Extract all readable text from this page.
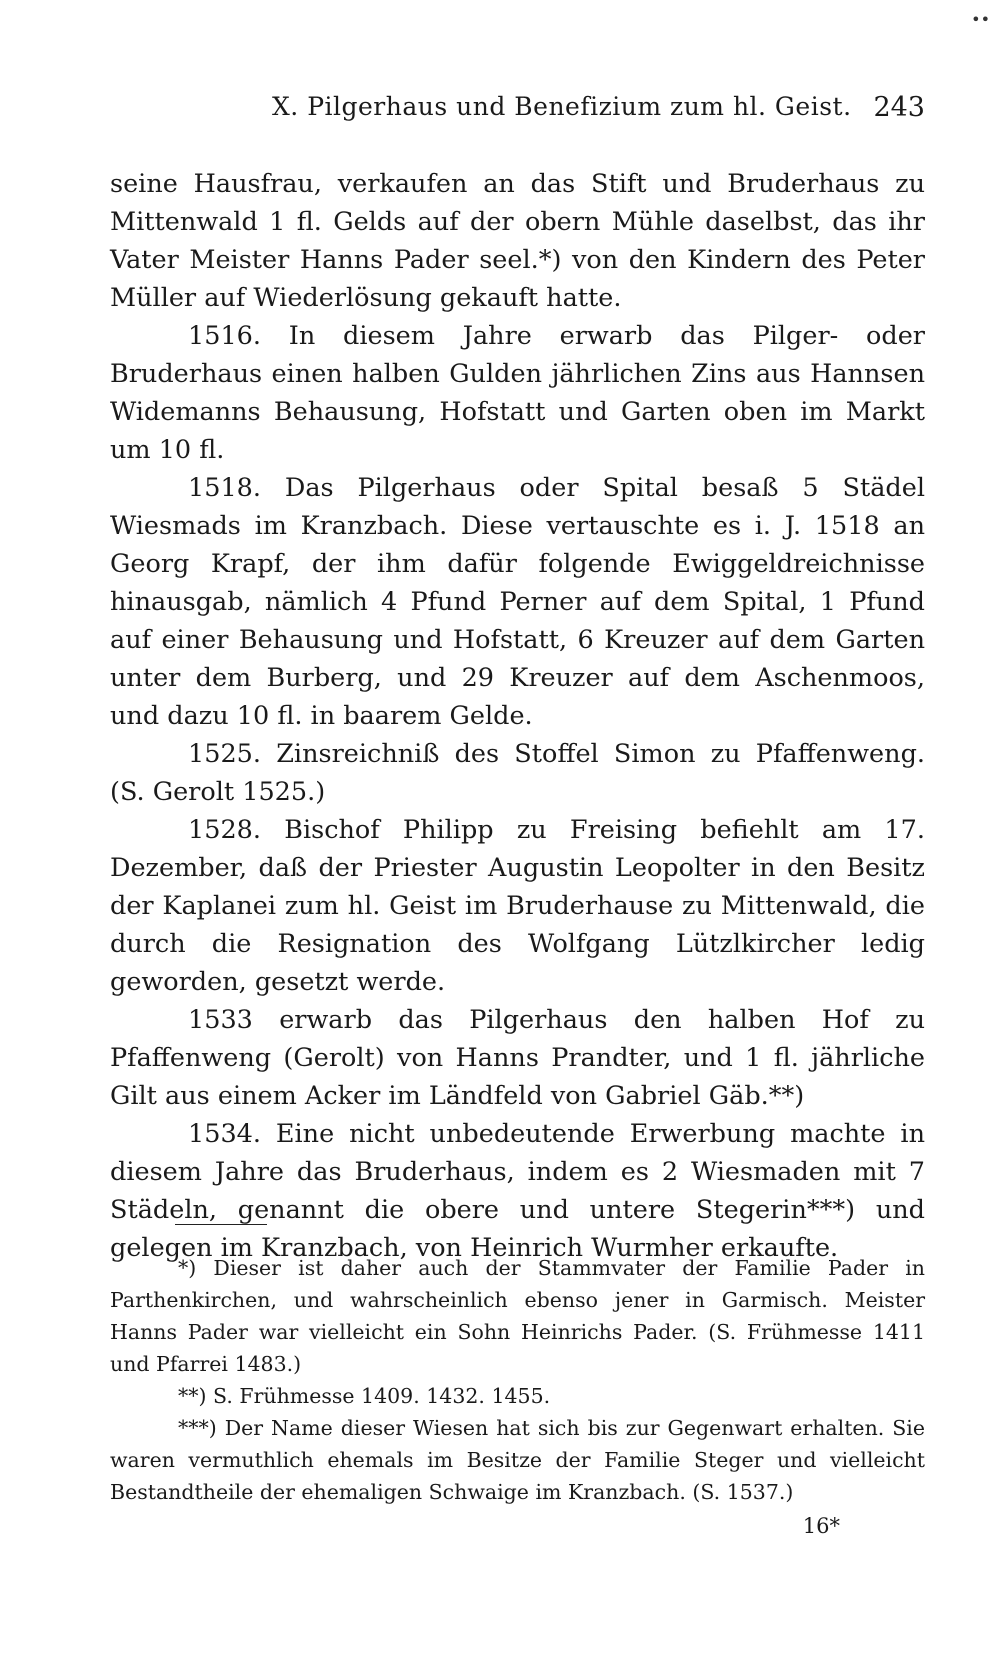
••
X. Pilgerhaus und Benefizium zum hl. Geist. 243

seine Hausfrau, verkaufen an das Stift und Bruderhaus zu Mittenwald 1 fl. Gelds auf der obern Mühle daselbst, das ihr Vater Meister Hanns Pader seel.*) von den Kindern des Peter Müller auf Wiederlösung gekauft hatte.

1516. In diesem Jahre erwarb das Pilger- oder Bruderhaus einen halben Gulden jährlichen Zins aus Hannsen Widemanns Behausung, Hofstatt und Garten oben im Markt um 10 fl.

1518. Das Pilgerhaus oder Spital besaß 5 Städel Wiesmads im Kranzbach. Diese vertauschte es i. J. 1518 an Georg Krapf, der ihm dafür folgende Ewiggeldreichnisse hinausgab, nämlich 4 Pfund Perner auf dem Spital, 1 Pfund auf einer Behausung und Hofstatt, 6 Kreuzer auf dem Garten unter dem Burberg, und 29 Kreuzer auf dem Aschenmoos, und dazu 10 fl. in baarem Gelde.

1525. Zinsreichniß des Stoffel Simon zu Pfaffenweng. (S. Gerolt 1525.)

1528. Bischof Philipp zu Freising befiehlt am 17. Dezember, daß der Priester Augustin Leopolter in den Besitz der Kaplanei zum hl. Geist im Bruderhause zu Mittenwald, die durch die Resignation des Wolfgang Lützlkircher ledig geworden, gesetzt werde.

1533 erwarb das Pilgerhaus den halben Hof zu Pfaffenweng (Gerolt) von Hanns Prandter, und 1 fl. jährliche Gilt aus einem Acker im Ländfeld von Gabriel Gäb.**)

1534. Eine nicht unbedeutende Erwerbung machte in diesem Jahre das Bruderhaus, indem es 2 Wiesmaden mit 7 Städeln, genannt die obere und untere Stegerin***) und gelegen im Kranzbach, von Heinrich Wurmher erkaufte.

*) Dieser ist daher auch der Stammvater der Familie Pader in Parthenkirchen, und wahrscheinlich ebenso jener in Garmisch. Meister Hanns Pader war vielleicht ein Sohn Heinrichs Pader. (S. Frühmesse 1411 und Pfarrei 1483.)

**) S. Frühmesse 1409. 1432. 1455.

***) Der Name dieser Wiesen hat sich bis zur Gegenwart erhalten. Sie waren vermuthlich ehemals im Besitze der Familie Steger und vielleicht Bestandtheile der ehemaligen Schwaige im Kranzbach. (S. 1537.)

16*
